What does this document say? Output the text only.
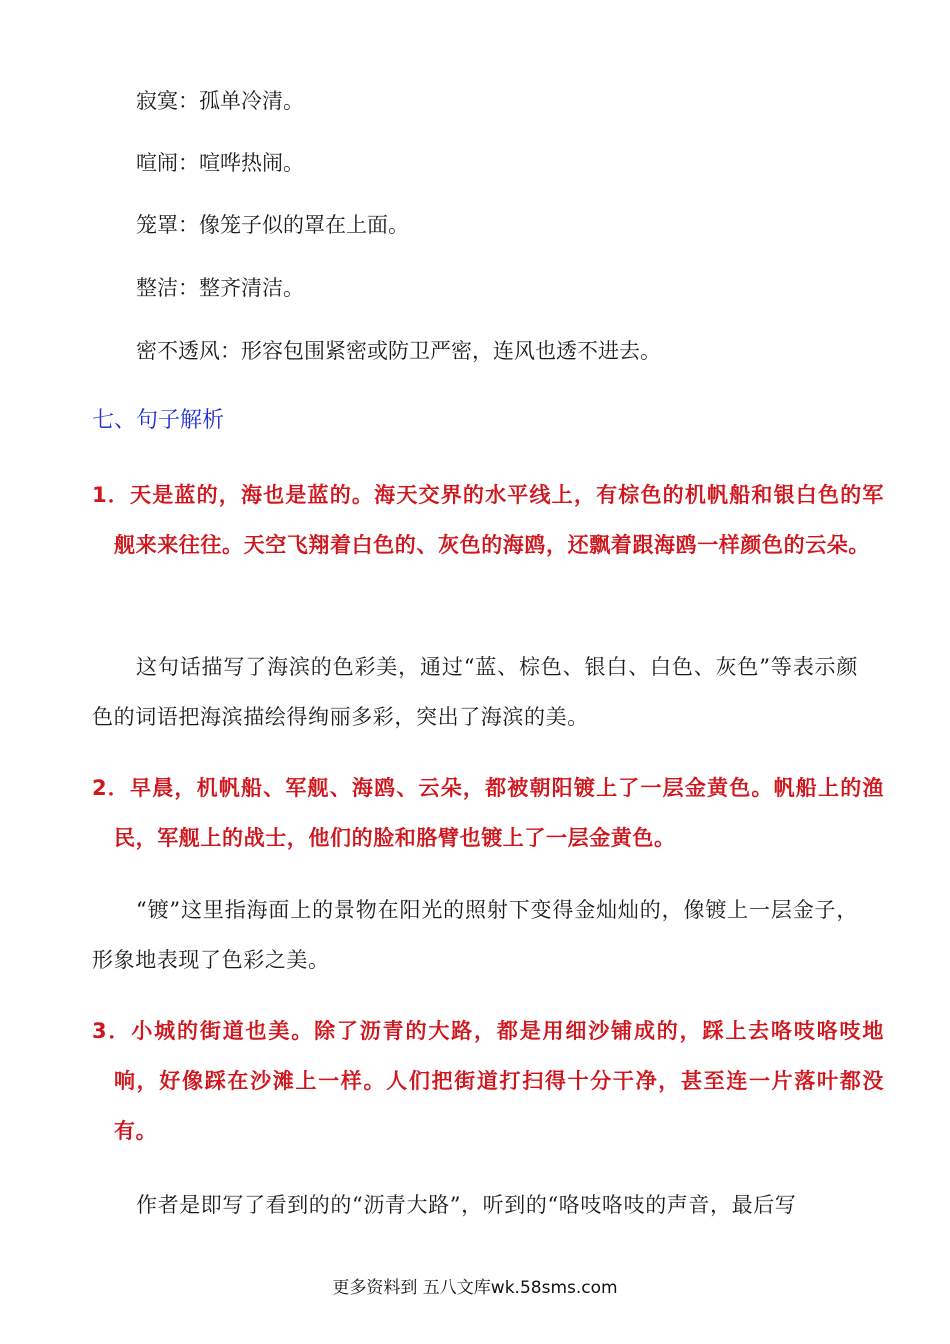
寂寞：孤单冷清。
喧闹：喧哗热闹。
笼罩：像笼子似的罩在上面。
整洁：整齐清洁。
密不透风：形容包围紧密或防卫严密，连风也透不进去。
七、句子解析
1．天是蓝的，海也是蓝的。海天交界的水平线上，有棕色的机帆船和银白色的军舰来来往往。天空飞翔着白色的、灰色的海鸥，还飘着跟海鸥一样颜色的云朵。
这句话描写了海滨的色彩美，通过“蓝、棕色、银白、白色、灰色”等表示颜色的词语把海滨描绘得绚丽多彩，突出了海滨的美。
2．早晨，机帆船、军舰、海鸥、云朵，都被朝阳镀上了一层金黄色。帆船上的渔民，军舰上的战士，他们的脸和胳臂也镀上了一层金黄色。
“镀”这里指海面上的景物在阳光的照射下变得金灿灿的，像镀上一层金子，形象地表现了色彩之美。
3．小城的街道也美。除了沥青的大路，都是用细沙铺成的，踩上去咯吱咯吱地响，好像踩在沙滩上一样。人们把街道打扫得十分干净，甚至连一片落叶都没有。
作者是即写了看到的的“沥青大路”，听到的“咯吱咯吱的声音，最后写
更多资料到 五八文库wk.58sms.com
